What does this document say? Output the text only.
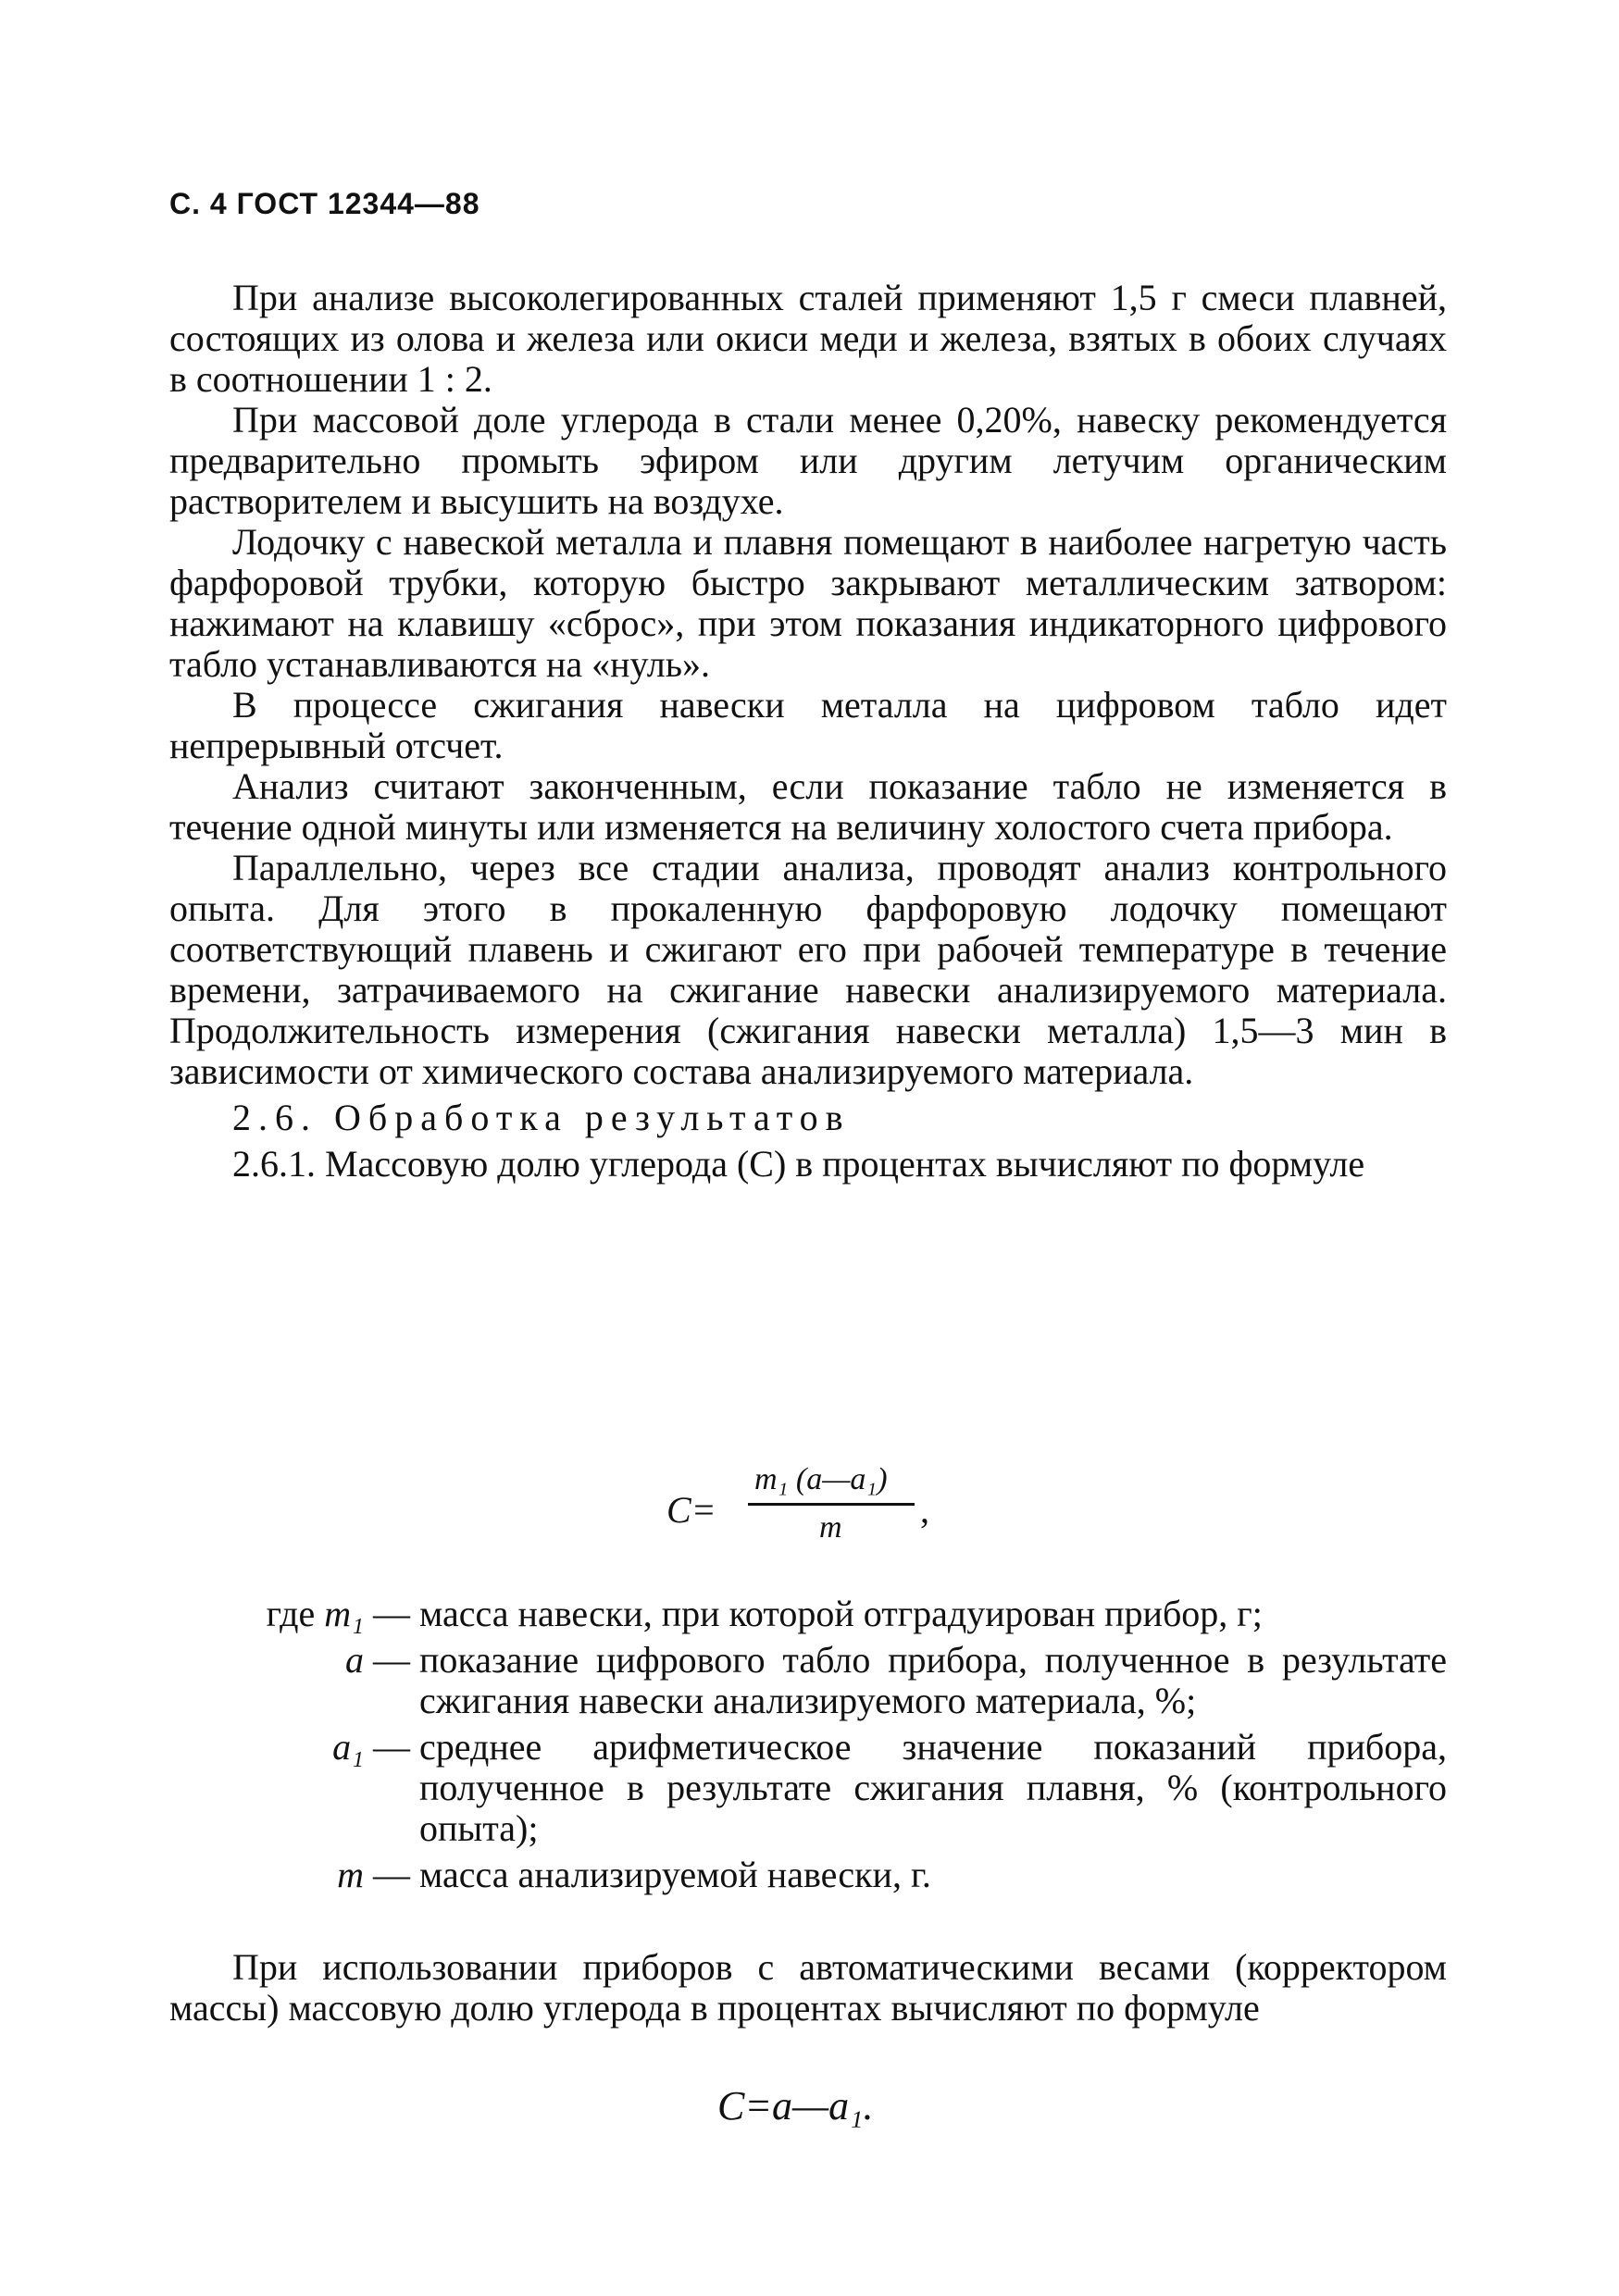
С. 4 ГОСТ 12344—88

При анализе высоколегированных сталей применяют 1,5 г смеси плавней, состоящих из олова и железа или окиси меди и железа, взятых в обоих случаях в соотношении 1 : 2.

При массовой доле углерода в стали менее 0,20%, навеску рекомендуется предварительно промыть эфиром или другим летучим органическим растворителем и высушить на воздухе.

Лодочку с навеской металла и плавня помещают в наиболее нагретую часть фарфоровой трубки, которую быстро закрывают металлическим затвором: нажимают на клавишу «сброс», при этом показания индикаторного цифрового табло устанавливаются на «нуль».

В процессе сжигания навески металла на цифровом табло идет непрерывный отсчет.

Анализ считают законченным, если показание табло не изменяется в течение одной минуты или изменяется на величину холостого счета прибора.

Параллельно, через все стадии анализа, проводят анализ контрольного опыта. Для этого в прокаленную фарфоровую лодочку помещают соответствующий плавень и сжигают его при рабочей температуре в течение времени, затрачиваемого на сжигание навески анализируемого материала. Продолжительность измерения (сжигания навески металла) 1,5—3 мин в зависимости от химического состава анализируемого материала.

2.6. Обработка результатов

2.6.1. Массовую долю углерода (C) в процентах вычисляют по формуле

C=
m₁ (a—a₁)
m ,
где m₁ — масса навески, при которой отградуирован прибор, г;
a — показание цифрового табло прибора, полученное в результате сжигания навески анализируемого материала, %;
a₁ — среднее арифметическое значение показаний прибора, полученное в результате сжигания плавня, % (контрольного опыта);
m — масса анализируемой навески, г.

При использовании приборов с автоматическими весами (корректором массы) массовую долю углерода в процентах вычисляют по формуле

C=a—a₁.
